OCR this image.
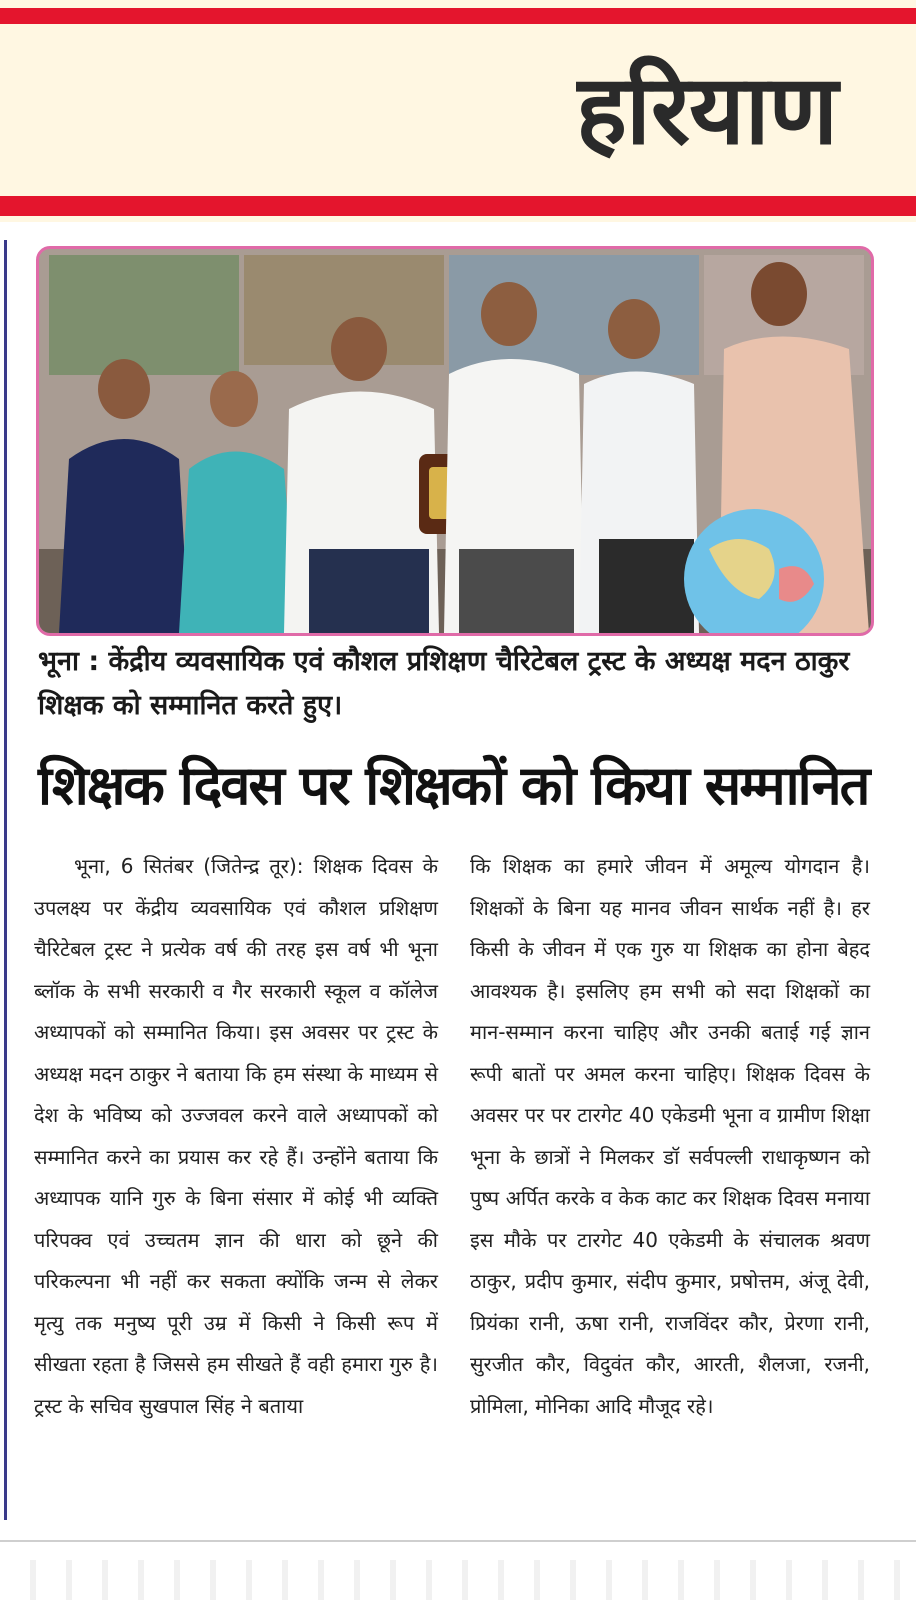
हरियाण
भूना : केंद्रीय व्यवसायिक एवं कौशल प्रशिक्षण चैरिटेबल ट्रस्ट के अध्यक्ष मदन ठाकुर शिक्षक को सम्मानित करते हुए।
शिक्षक दिवस पर शिक्षकों को किया सम्मानित
भूना, 6 सितंबर (जितेन्द्र तूर): शिक्षक दिवस के उपलक्ष्य पर केंद्रीय व्यवसायिक एवं कौशल प्रशिक्षण चैरिटेबल ट्रस्ट ने प्रत्येक वर्ष की तरह इस वर्ष भी भूना ब्लॉक के सभी सरकारी व गैर सरकारी स्कूल व कॉलेज अध्यापकों को सम्मानित किया। इस अवसर पर ट्रस्ट के अध्यक्ष मदन ठाकुर ने बताया कि हम संस्था के माध्यम से देश के भविष्य को उज्जवल करने वाले अध्यापकों को सम्मानित करने का प्रयास कर रहे हैं। उन्होंने बताया कि अध्यापक यानि गुरु के बिना संसार में कोई भी व्यक्ति परिपक्व एवं उच्चतम ज्ञान की धारा को छूने की परिकल्पना भी नहीं कर सकता क्योंकि जन्म से लेकर मृत्यु तक मनुष्य पूरी उम्र में किसी ने किसी रूप में सीखता रहता है जिससे हम सीखते हैं वही हमारा गुरु है। ट्रस्ट के सचिव सुखपाल सिंह ने बताया
कि शिक्षक का हमारे जीवन में अमूल्य योगदान है। शिक्षकों के बिना यह मानव जीवन सार्थक नहीं है। हर किसी के जीवन में एक गुरु या शिक्षक का होना बेहद आवश्यक है। इसलिए हम सभी को सदा शिक्षकों का मान-सम्मान करना चाहिए और उनकी बताई गई ज्ञान रूपी बातों पर अमल करना चाहिए। शिक्षक दिवस के अवसर पर पर टारगेट 40 एकेडमी भूना व ग्रामीण शिक्षा भूना के छात्रों ने मिलकर डॉ सर्वपल्ली राधाकृष्णन को पुष्प अर्पित करके व केक काट कर शिक्षक दिवस मनाया इस मौके पर टारगेट 40 एकेडमी के संचालक श्रवण ठाकुर, प्रदीप कुमार, संदीप कुमार, प्रषोत्तम, अंजू देवी, प्रियंका रानी, ऊषा रानी, राजविंदर कौर, प्रेरणा रानी, सुरजीत कौर, विदुवंत कौर, आरती, शैलजा, रजनी, प्रोमिला, मोनिका आदि मौजूद रहे।
